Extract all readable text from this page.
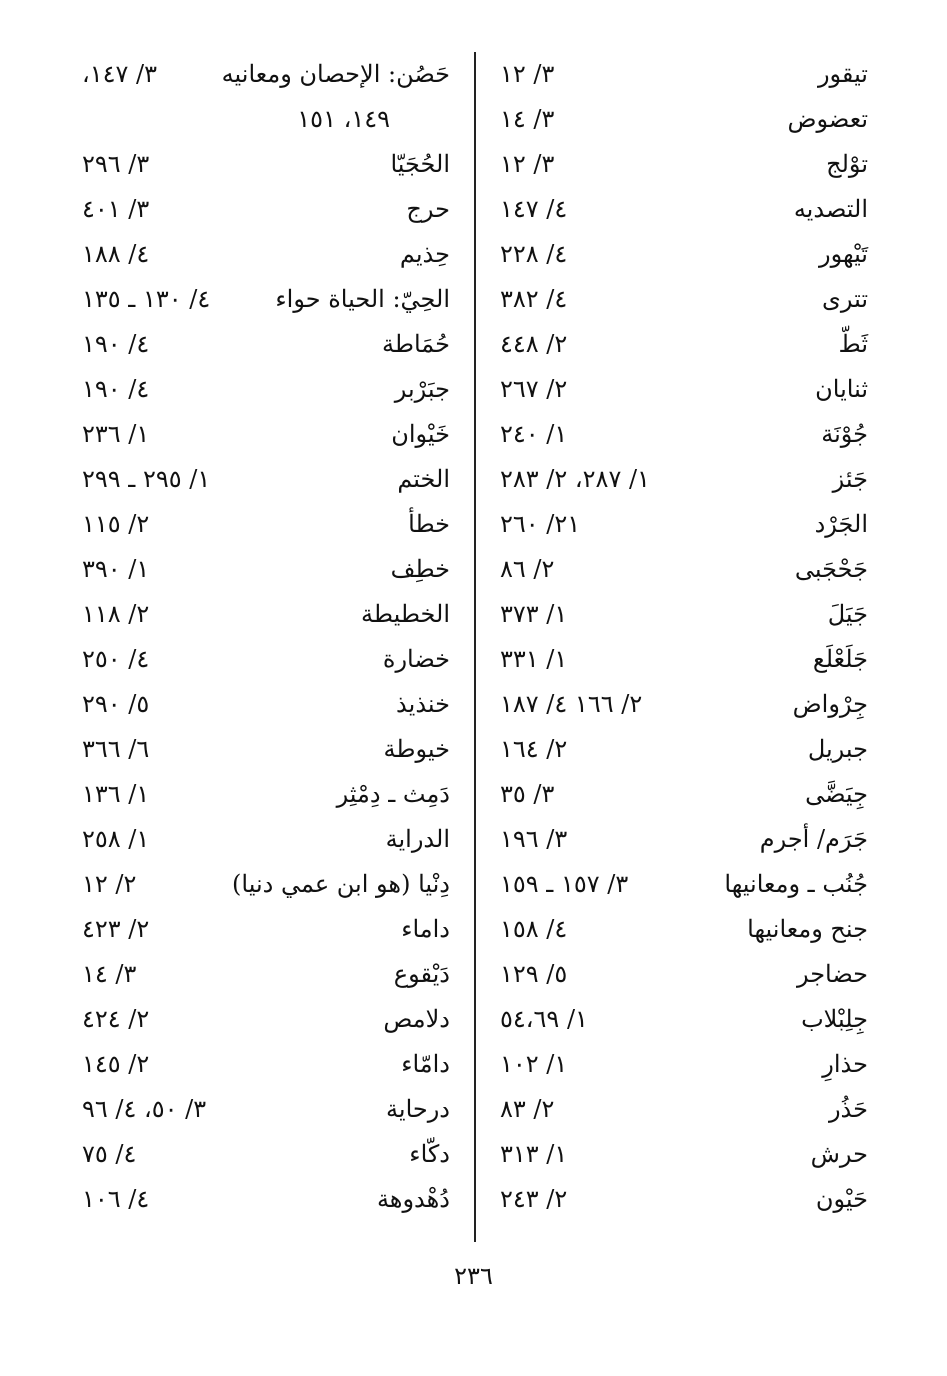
حَصُن: الإحصان ومعانيه
٣/ ١٤٧،
١٤٩، ١٥١
الحُجَيّا
٣/ ٢٩٦
حرج
٣/ ٤٠١
حِذيم
٤/ ١٨٨
الحِيّ: الحياة حواء
٤/ ١٣٠ ـ ١٣٥
حُمَاطة
٤/ ١٩٠
جبَرْبر
٤/ ١٩٠
خَيْوان
١/ ٢٣٦
الختم
١/ ٢٩٥ ـ ٢٩٩
خطأ
٢/ ١١٥
خطِف
١/ ٣٩٠
الخطيطة
٢/ ١١٨
خضارة
٤/ ٢٥٠
خنذيذ
٥/ ٢٩٠
خيوطة
٦/ ٣٦٦
دَمِث ـ دِمْثِر
١/ ١٣٦
الدراية
١/ ٢٥٨
دِنْيا (هو ابن عمي دنيا)
٢/ ١٢
داماء
٢/ ٤٢٣
دَيْقوع
٣/ ١٤
دلامص
٢/ ٤٢٤
دامّاء
٢/ ١٤٥
درحاية
٣/ ٥٠، ٤/ ٩٦
دكّاء
٤/ ٧٥
دُهْدوهة
٤/ ١٠٦
تيقور
٣/ ١٢
تعضوض
٣/ ١٤
توْلج
٣/ ١٢
التصديه
٤/ ١٤٧
تَيْهور
٤/ ٢٢٨
تترى
٤/ ٣٨٢
ثَطّ
٢/ ٤٤٨
ثنايان
٢/ ٢٦٧
جُوْنَة
١/ ٢٤٠
جَئز
١/ ٢٨٧، ٢/ ٢٨٣
الجَرْد
٢١/ ٢٦٠
جَحْجَبى
٢/ ٨٦
جَيَلَ
١/ ٣٧٣
جَلَعْلَع
١/ ٣٣١
جِرْواض
٢/ ١٦٦ ٤/ ١٨٧
جبريل
٢/ ١٦٤
جِيَضَّى
٣/ ٣٥
جَرَم/ أجرم
٣/ ١٩٦
جُنُب ـ ومعانيها
٣/ ١٥٧ ـ ١٥٩
جنح ومعانيها
٤/ ١٥٨
حضاجر
٥/ ١٢٩
جِلِبْلاب
١/ ٥٤،٦٩
حذارِ
١/ ١٠٢
حَذُر
٢/ ٨٣
حرش
١/ ٣١٣
حَيْون
٢/ ٢٤٣
٢٣٦
